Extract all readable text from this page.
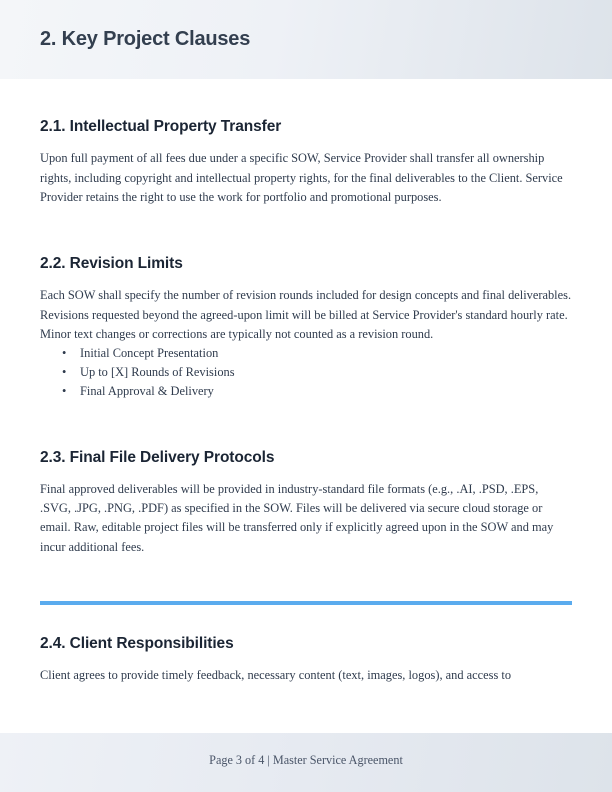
2. Key Project Clauses
2.1. Intellectual Property Transfer

Upon full payment of all fees due under a specific SOW, Service Provider shall transfer all ownership rights, including copyright and intellectual property rights, for the final deliverables to the Client. Service Provider retains the right to use the work for portfolio and promotional purposes.

2.2. Revision Limits

Each SOW shall specify the number of revision rounds included for design concepts and final deliverables. Revisions requested beyond the agreed-upon limit will be billed at Service Provider's standard hourly rate. Minor text changes or corrections are typically not counted as a revision round.

• Initial Concept Presentation
• Up to [X] Rounds of Revisions
• Final Approval & Delivery
2.3. Final File Delivery Protocols

Final approved deliverables will be provided in industry-standard file formats (e.g., .AI, .PSD, .EPS, .SVG, .JPG, .PNG, .PDF) as specified in the SOW. Files will be delivered via secure cloud storage or email. Raw, editable project files will be transferred only if explicitly agreed upon in the SOW and may incur additional fees.

2.4. Client Responsibilities

Client agrees to provide timely feedback, necessary content (text, images, logos), and access to

Page 3 of 4 | Master Service Agreement
